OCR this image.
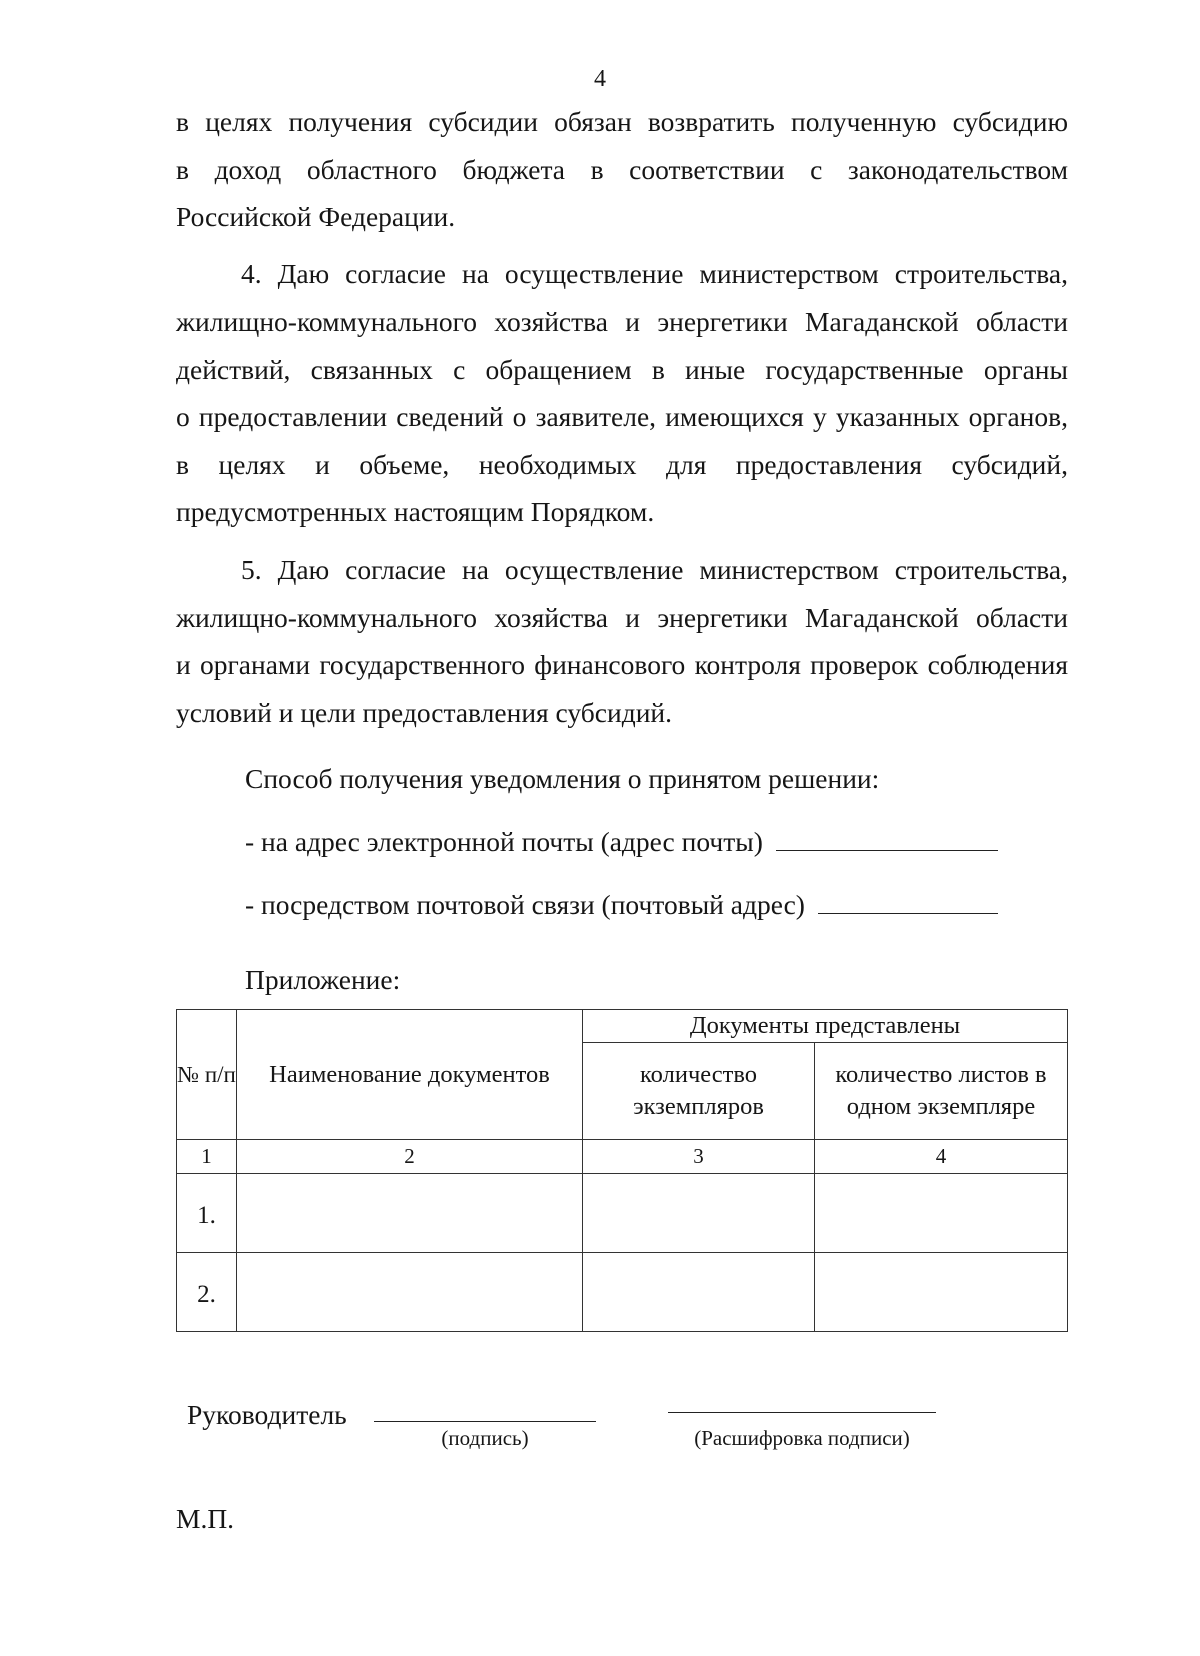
4
в целях получения субсидии обязан возвратить полученную субсидию
в доход областного бюджета в соответствии с законодательством
Российской Федерации.
4. Даю согласие на осуществление министерством строительства,
жилищно-коммунального хозяйства и энергетики Магаданской области
действий, связанных с обращением в иные государственные органы
о предоставлении сведений о заявителе, имеющихся у указанных органов,
в целях и объеме, необходимых для предоставления субсидий,
предусмотренных настоящим Порядком.
5. Даю согласие на осуществление министерством строительства,
жилищно-коммунального хозяйства и энергетики Магаданской области
и органами государственного финансового контроля проверок соблюдения
условий и цели предоставления субсидий.
Способ получения уведомления о принятом решении:
- на адрес электронной почты (адрес почты)
- посредством почтовой связи (почтовый адрес)
Приложение:
№ п/п	Наименование документов	Документы представлены	
		количество экземпляров	количество листов в одном экземпляре
1	2	3	4
1.			
2.			
Руководитель
(подпись)	(Расшифровка подписи)
М.П.
